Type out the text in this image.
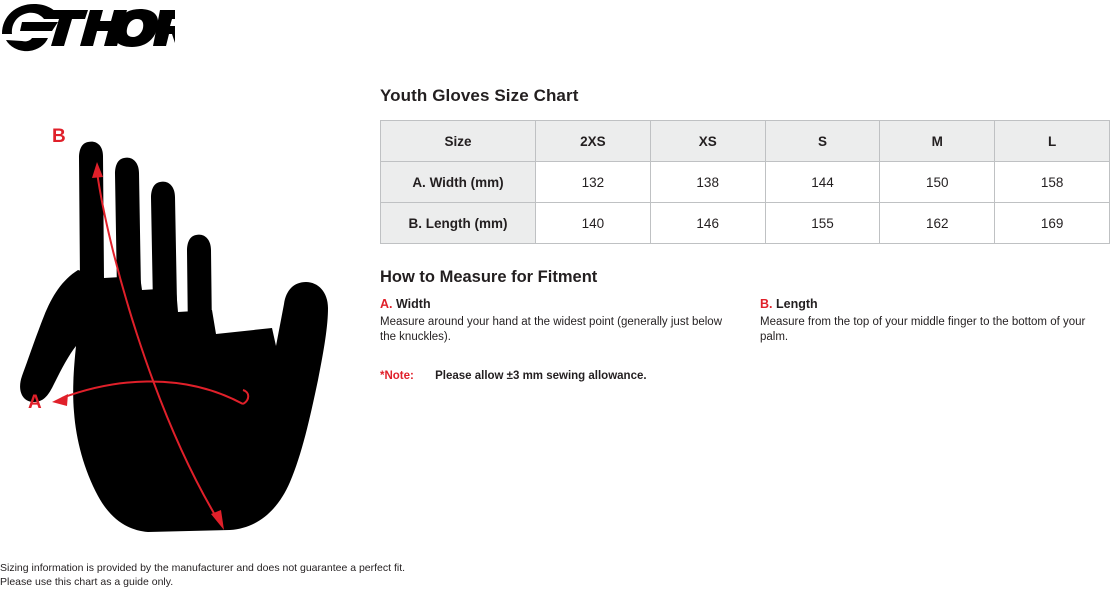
B
A
Youth Gloves Size Chart
Size	2XS	XS	S	M	L
A. Width (mm)	132	138	144	150	158
B. Length (mm)	140	146	155	162	169
How to Measure for Fitment
A. Width
Measure around your hand at the widest point (generally just below the knuckles).
B. Length
Measure from the top of your middle finger to the bottom of your palm.
*Note: Please allow ±3 mm sewing allowance.
Sizing information is provided by the manufacturer and does not guarantee a perfect fit.
Please use this chart as a guide only.
